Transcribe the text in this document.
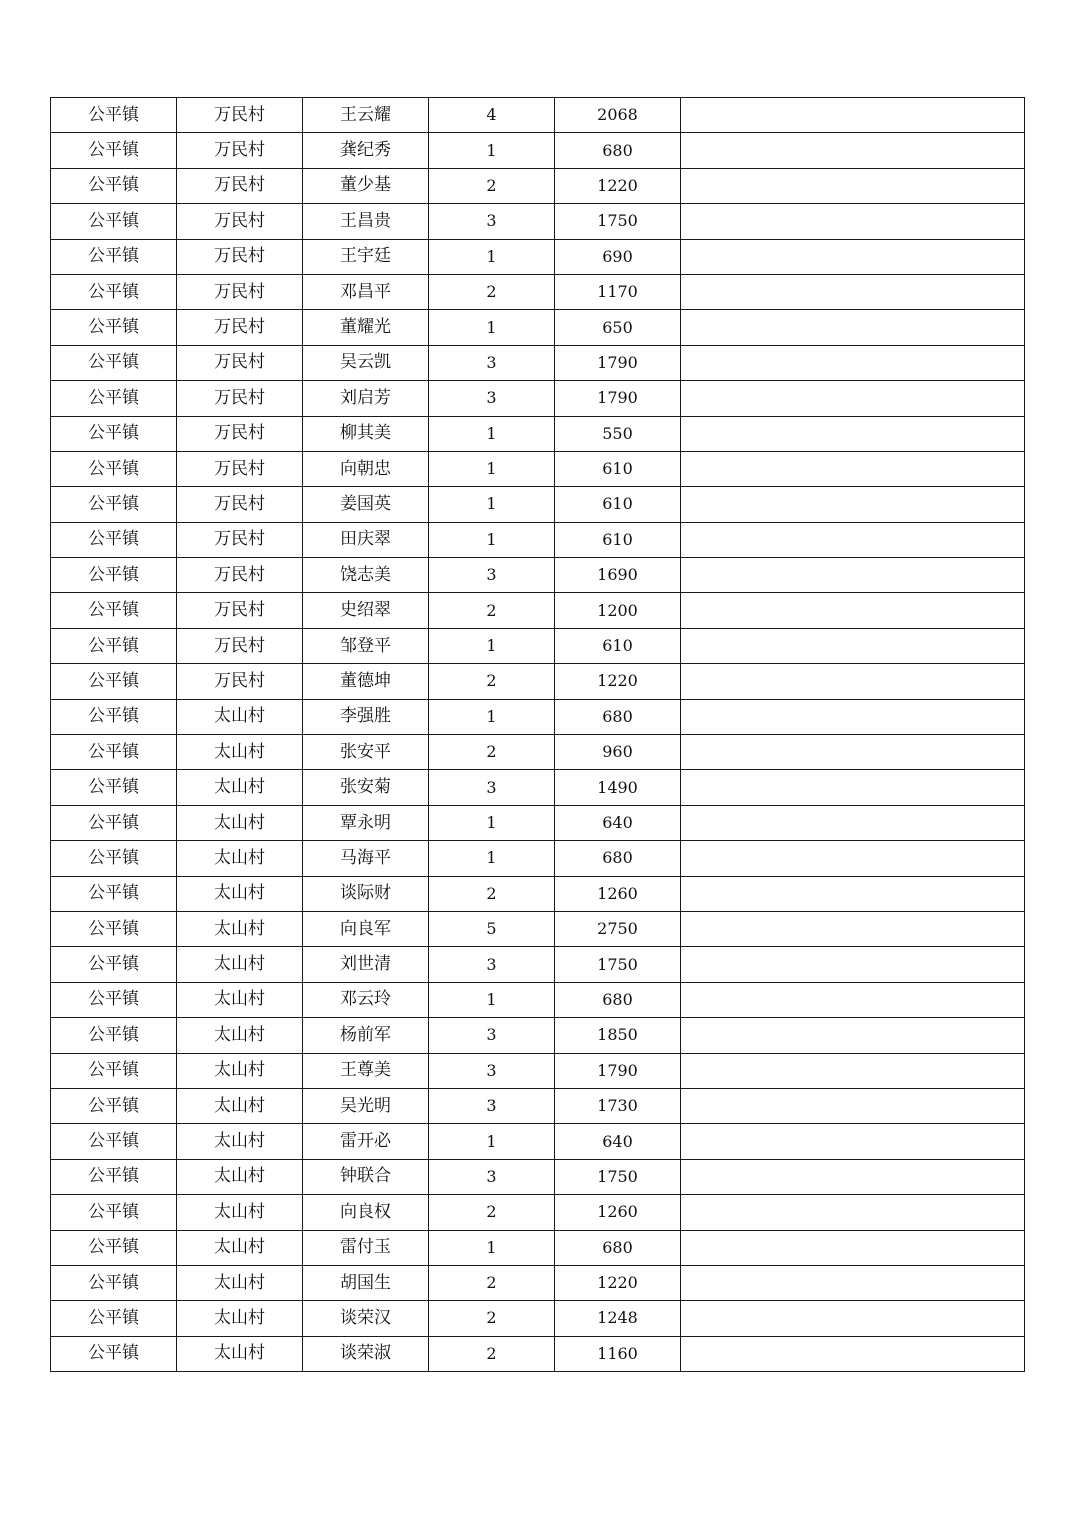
公平镇	万民村	王云耀	4	2068	
公平镇	万民村	龚纪秀	1	680	
公平镇	万民村	董少基	2	1220	
公平镇	万民村	王昌贵	3	1750	
公平镇	万民村	王宇廷	1	690	
公平镇	万民村	邓昌平	2	1170	
公平镇	万民村	董耀光	1	650	
公平镇	万民村	吴云凯	3	1790	
公平镇	万民村	刘启芳	3	1790	
公平镇	万民村	柳其美	1	550	
公平镇	万民村	向朝忠	1	610	
公平镇	万民村	姜国英	1	610	
公平镇	万民村	田庆翠	1	610	
公平镇	万民村	饶志美	3	1690	
公平镇	万民村	史绍翠	2	1200	
公平镇	万民村	邹登平	1	610	
公平镇	万民村	董德坤	2	1220	
公平镇	太山村	李强胜	1	680	
公平镇	太山村	张安平	2	960	
公平镇	太山村	张安菊	3	1490	
公平镇	太山村	覃永明	1	640	
公平镇	太山村	马海平	1	680	
公平镇	太山村	谈际财	2	1260	
公平镇	太山村	向良军	5	2750	
公平镇	太山村	刘世清	3	1750	
公平镇	太山村	邓云玲	1	680	
公平镇	太山村	杨前军	3	1850	
公平镇	太山村	王尊美	3	1790	
公平镇	太山村	吴光明	3	1730	
公平镇	太山村	雷开必	1	640	
公平镇	太山村	钟联合	3	1750	
公平镇	太山村	向良权	2	1260	
公平镇	太山村	雷付玉	1	680	
公平镇	太山村	胡国生	2	1220	
公平镇	太山村	谈荣汉	2	1248	
公平镇	太山村	谈荣淑	2	1160	
